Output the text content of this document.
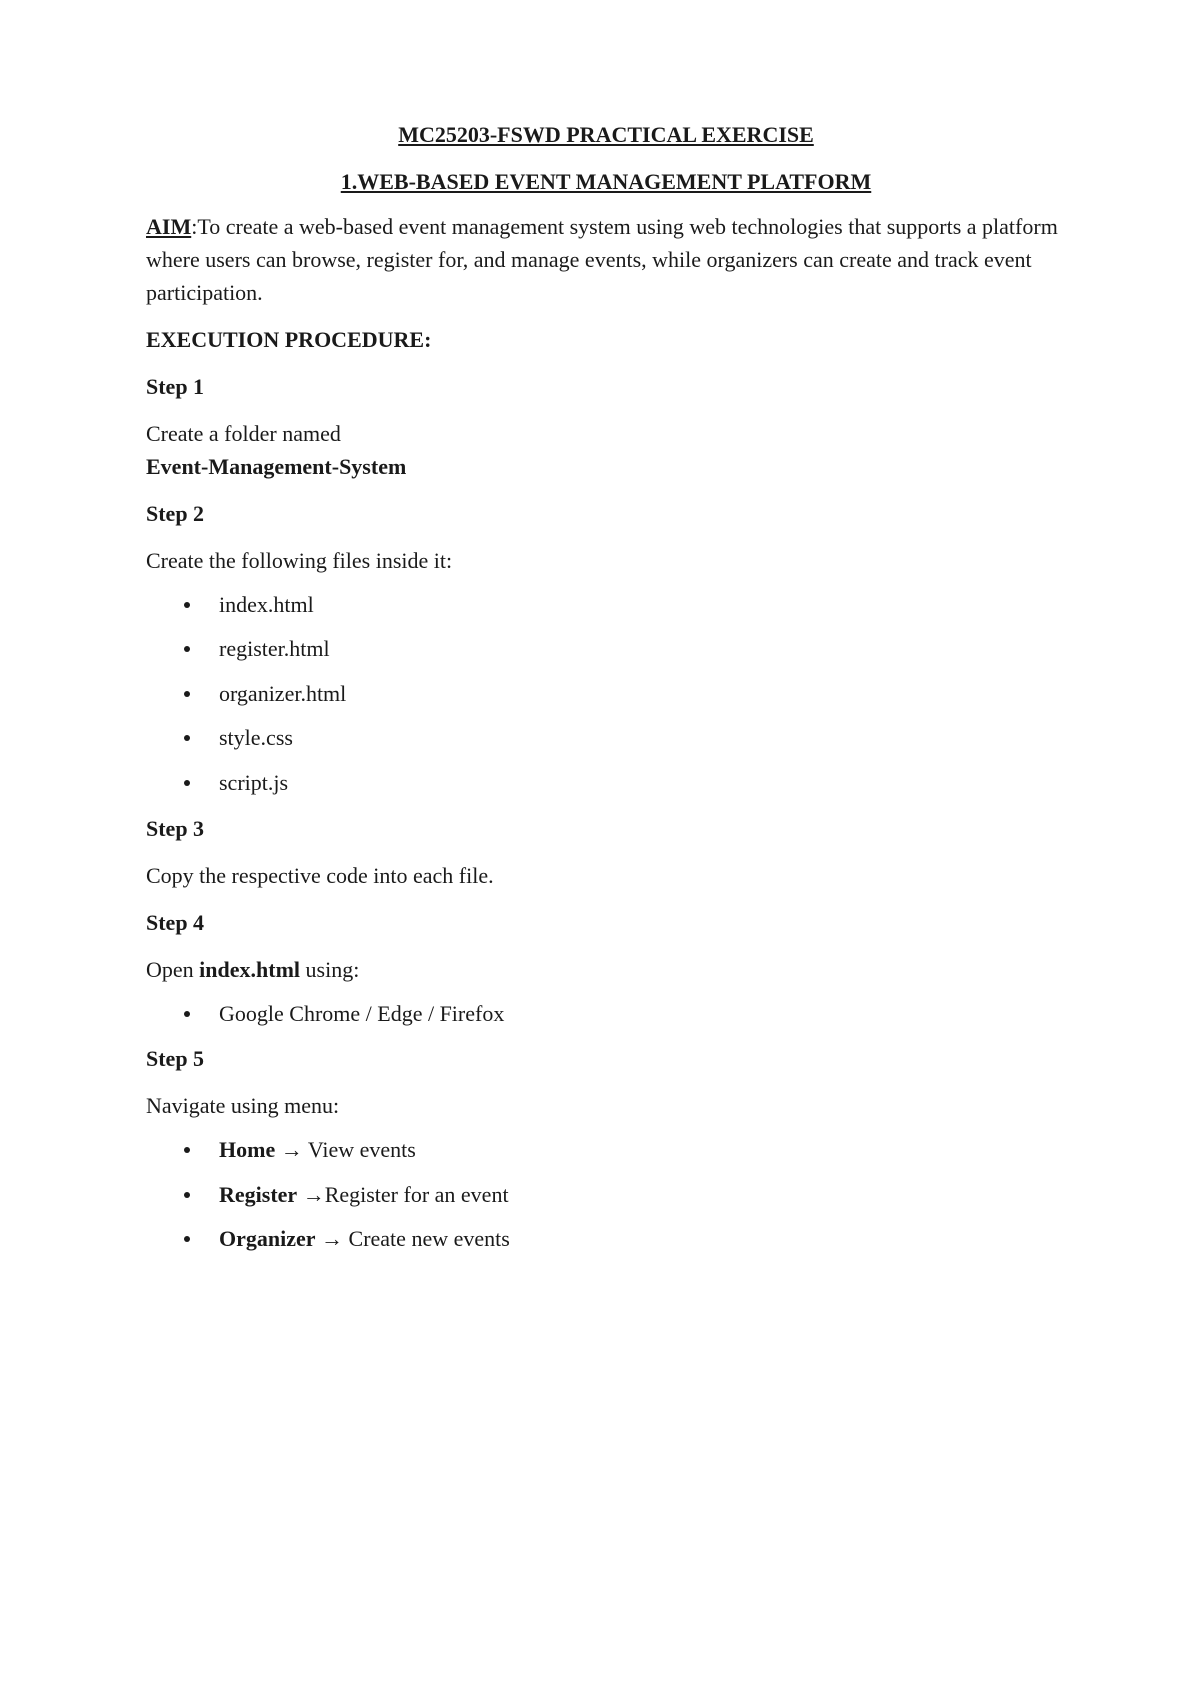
MC25203-FSWD PRACTICAL EXERCISE
1.WEB-BASED EVENT MANAGEMENT PLATFORM
AIM:To create a web-based event management system using web technologies that supports a platform where users can browse, register for, and manage events, while organizers can create and track event participation.
EXECUTION PROCEDURE:
Step 1
Create a folder named
Event-Management-System
Step 2
Create the following files inside it:
index.html
register.html
organizer.html
style.css
script.js
Step 3
Copy the respective code into each file.
Step 4
Open index.html using:
Google Chrome / Edge / Firefox
Step 5
Navigate using menu:
Home → View events
Register →Register for an event
Organizer → Create new events
